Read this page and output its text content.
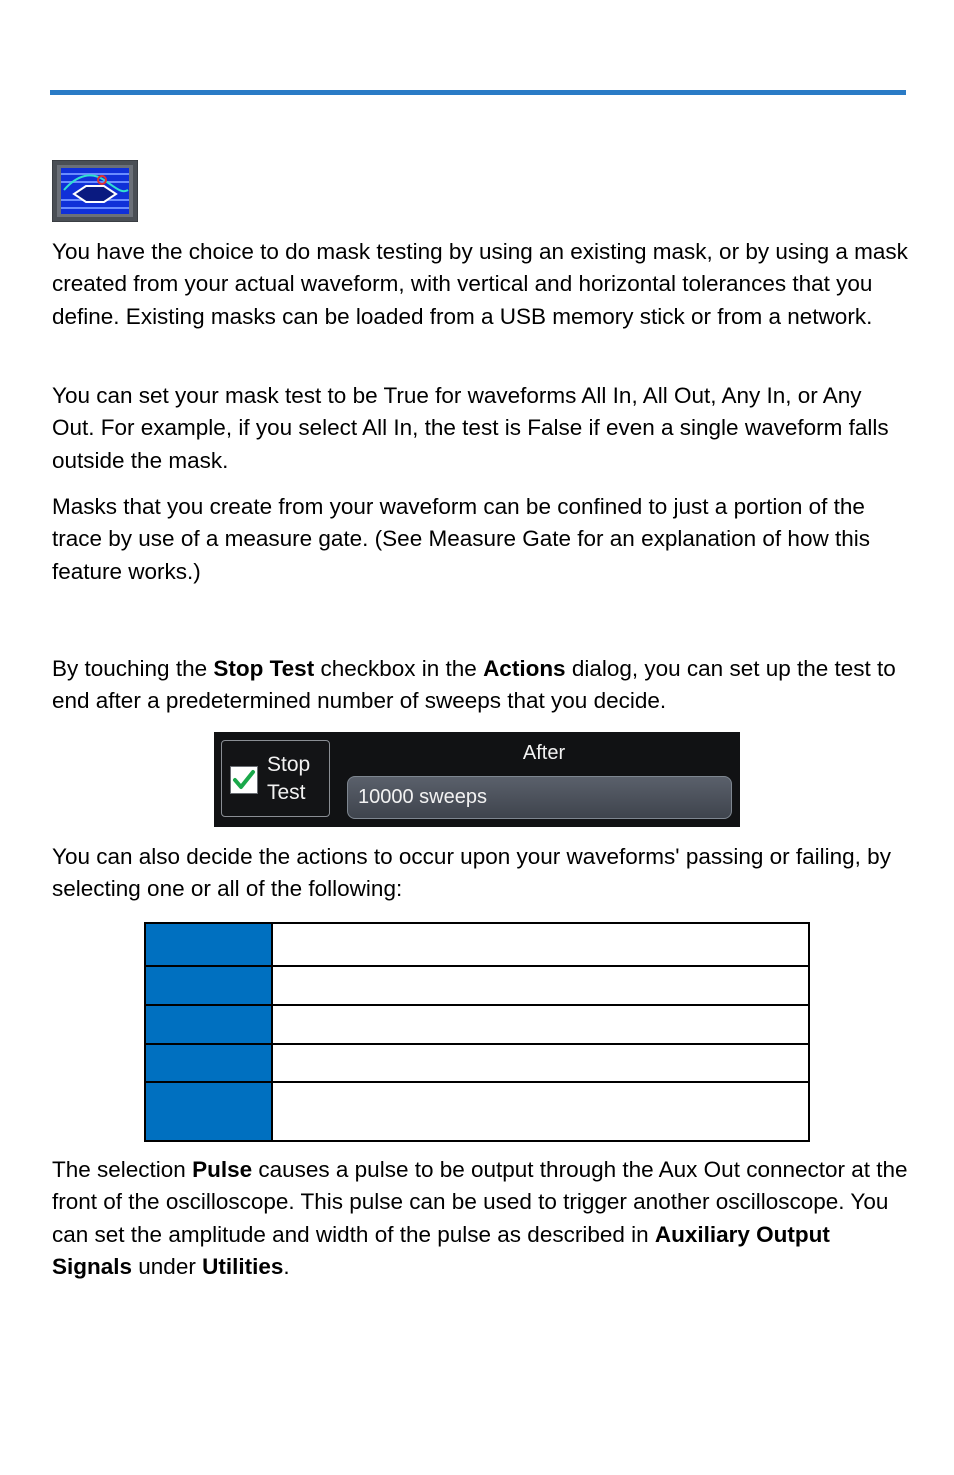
You have the choice to do mask testing by using an existing mask, or by using a mask created from your actual waveform, with vertical and horizontal tolerances that you define. Existing masks can be loaded from a USB memory stick or from a network.

You can set your mask test to be True for waveforms All In, All Out, Any In, or Any Out. For example, if you select All In, the test is False if even a single waveform falls outside the mask.

Masks that you create from your waveform can be confined to just a portion of the trace by use of a measure gate. (See Measure Gate for an explanation of how this feature works.)

By touching the Stop Test checkbox in the Actions dialog, you can set up the test to end after a predetermined number of sweeps that you decide.

Stop
Test
After
10000 sweeps

You can also decide the actions to occur upon your waveforms' passing or failing, by selecting one or all of the following:

The selection Pulse causes a pulse to be output through the Aux Out connector at the front of the oscilloscope. This pulse can be used to trigger another oscilloscope. You can set the amplitude and width of the pulse as described in Auxiliary Output Signals under Utilities.
